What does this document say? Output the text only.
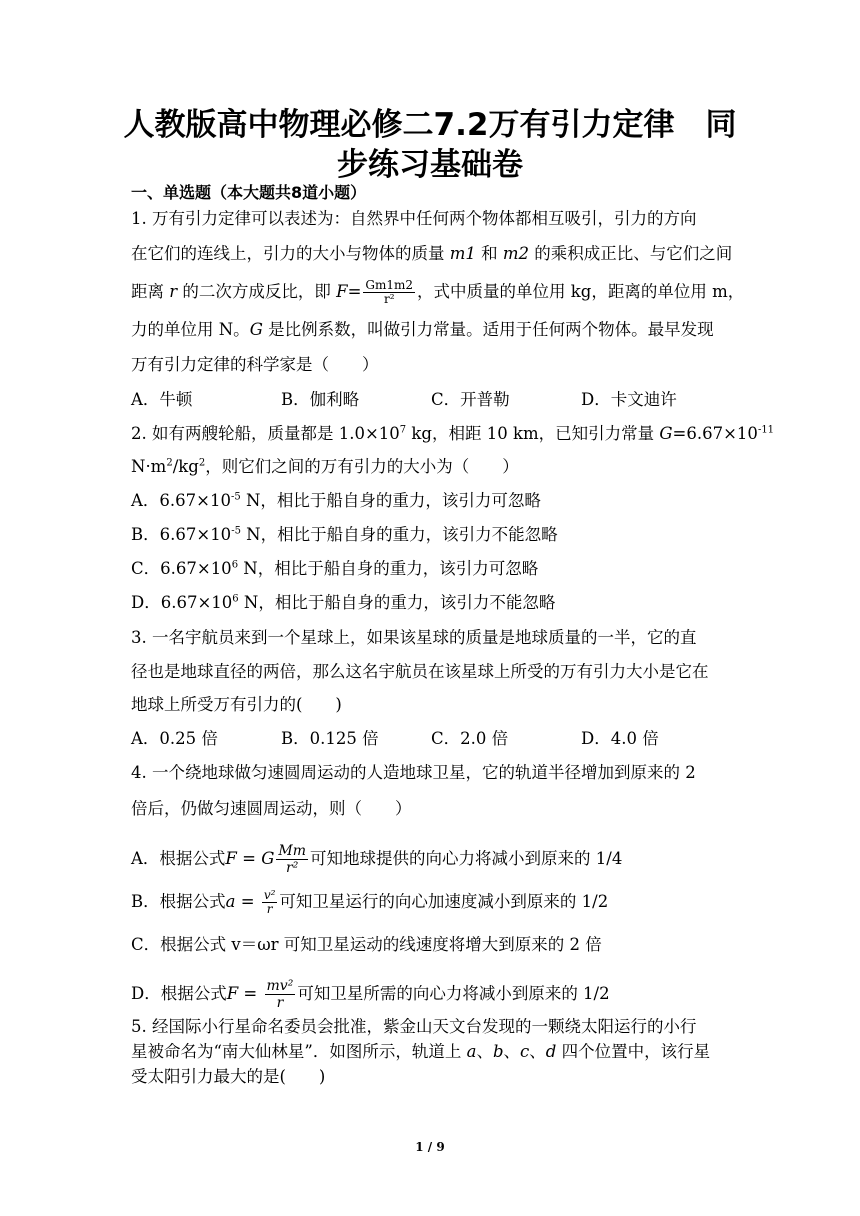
人教版高中物理必修二7.2万有引力定律　同
步练习基础卷
一、单选题（本大题共8道小题）
1. 万有引力定律可以表述为：自然界中任何两个物体都相互吸引，引力的方向
在它们的连线上，引力的大小与物体的质量 m1 和 m2 的乘积成正比、与它们之间
距离 r 的二次方成反比，即 $F= \frac{Gm1m2}{\text{r²}}$ ，式中质量的单位用 kg，距离的单位用 m，
力的单位用 N。G 是比例系数，叫做引力常量。适用于任何两个物体。最早发现
万有引力定律的科学家是（　　）
A．牛顿	B．伽利略	C．开普勒	D．卡文迪许
2. 如有两艘轮船，质量都是 $1.0\times 10^7$ kg，相距 10 km，已知引力常量 $G=6.67\times 10^{-11}$
$N\cdot m^2/kg^2$，则它们之间的万有引力的大小为（　　）
A．$6.67\times 10^{-5}$ N，相比于船自身的重力，该引力可忽略
B．$6.67\times 10^{-5}$ N，相比于船自身的重力，该引力不能忽略
C．$6.67\times 10^6$ N，相比于船自身的重力，该引力可忽略
D．$6.67\times 10^6$ N，相比于船自身的重力，该引力不能忽略
3. 一名宇航员来到一个星球上，如果该星球的质量是地球质量的一半，它的直
径也是地球直径的两倍，那么这名宇航员在该星球上所受的万有引力大小是它在
地球上所受万有引力的(　　)
A．0.25 倍	B．0.125 倍	C．2.0 倍	D．4.0 倍
4. 一个绕地球做匀速圆周运动的人造地球卫星，它的轨道半径增加到原来的 2
倍后，仍做匀速圆周运动，则（　　）
A．根据公式F = G $\frac{Mm}{\text{r²}}$ 可知地球提供的向心力将减小到原来的 1/4
B．根据公式$a = \frac{\text{v²}}{r}$ 可知卫星运行的向心加速度减小到原来的 1/2
C．根据公式 v＝ωr 可知卫星运动的线速度将增大到原来的 2 倍
D．根据公式$F = \frac{\text{mv²}}{r}$ 可知卫星所需的向心力将减小到原来的 1/2
5. 经国际小行星命名委员会批准，紫金山天文台发现的一颗绕太阳运行的小行
星被命名为“南大仙林星”．如图所示，轨道上 a、b、c、d 四个位置中，该行星
受太阳引力最大的是(　　)
1 / 9
